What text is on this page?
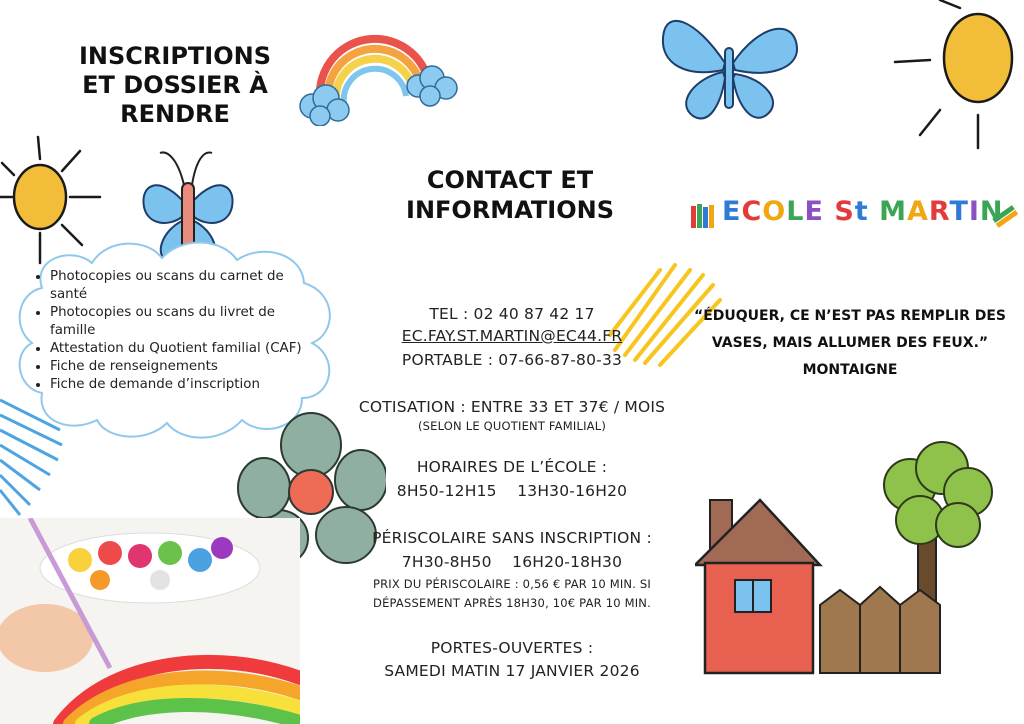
INSCRIPTIONS ET DOSSIER À RENDRE
• Photocopies ou scans du carnet de santé
• Photocopies ou scans du livret de famille
• Attestation du Quotient familial (CAF)
• Fiche de renseignements
• Fiche de demande d’inscription
CONTACT ET INFORMATIONS
TEL : 02 40 87 42 17
EC.FAY.ST.MARTIN@EC44.FR
PORTABLE : 07-66-87-80-33
COTISATION : ENTRE 33 ET 37€ / MOIS
(SELON LE QUOTIENT FAMILIAL)
HORAIRES DE L’ÉCOLE :
8H50-12H15    13H30-16H20
PÉRISCOLAIRE SANS INSCRIPTION :
7H30-8H50    16H20-18H30
PRIX DU PÉRISCOLAIRE : 0,56 € PAR 10 MIN. SI
DÉPASSEMENT APRÈS 18H30, 10€ PAR 10 MIN.
PORTES-OUVERTES :
SAMEDI MATIN 17 JANVIER 2026
ECOLE St MARTIN
“ÉDUQUER, CE N’EST PAS REMPLIR DES
VASES, MAIS ALLUMER DES FEUX.”
MONTAIGNE
